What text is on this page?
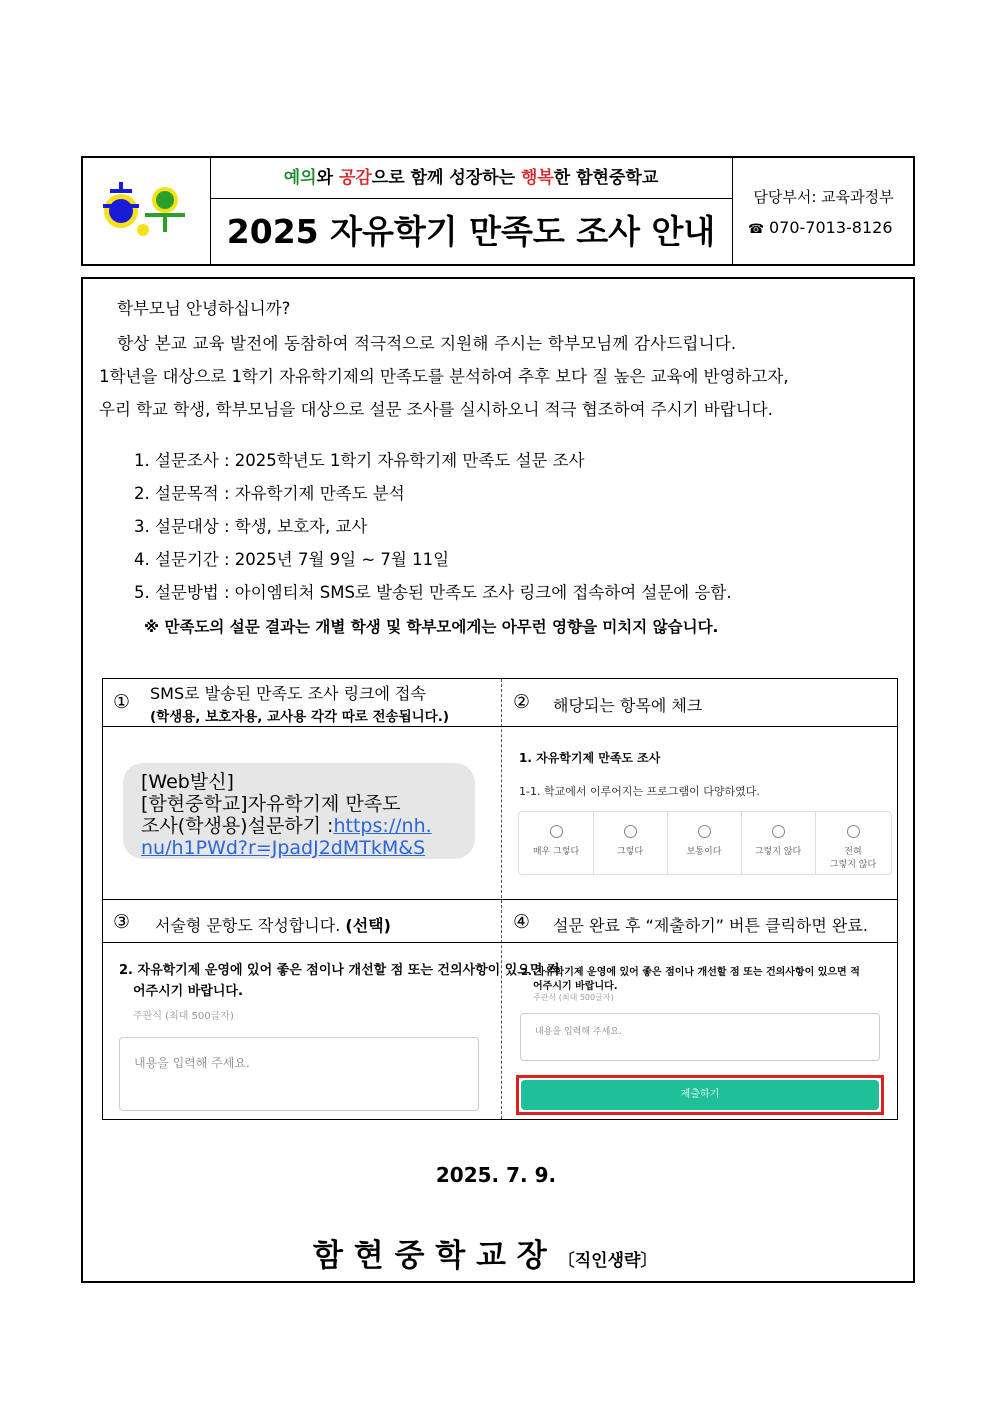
예의와 공감으로 함께 성장하는 행복한 함현중학교
2025 자유학기 만족도 조사 안내
담당부서: 교육과정부
☎ 070-7013-8126
학부모님 안녕하십니까?
항상 본교 교육 발전에 동참하여 적극적으로 지원해 주시는 학부모님께 감사드립니다.
1학년을 대상으로 1학기 자유학기제의 만족도를 분석하여 추후 보다 질 높은 교육에 반영하고자,
우리 학교 학생, 학부모님을 대상으로 설문 조사를 실시하오니 적극 협조하여 주시기 바랍니다.
1. 설문조사 : 2025학년도 1학기 자유학기제 만족도 설문 조사
2. 설문목적 : 자유학기제 만족도 분석
3. 설문대상 : 학생, 보호자, 교사
4. 설문기간 : 2025년 7월 9일 ~ 7월 11일
5. 설문방법 : 아이엠티처 SMS로 발송된 만족도 조사 링크에 접속하여 설문에 응함.
※ 만족도의 설문 결과는 개별 학생 및 학부모에게는 아무런 영향을 미치지 않습니다.
① SMS로 발송된 만족도 조사 링크에 접속
(학생용, 보호자용, 교사용 각각 따로 전송됩니다.)
② 해당되는 항목에 체크
[Web발신]
[함현중학교]자유학기제 만족도
조사(학생용)설문하기 :https://nh.
nu/h1PWd?r=JpadJ2dMTkM&S
1. 자유학기제 만족도 조사
1-1. 학교에서 이루어지는 프로그램이 다양하였다.
매우 그렇다	그렇다	보통이다	그렇지 않다	전혀
그렇지 않다
③ 서술형 문항도 작성합니다. (선택)	④ 설문 완료 후 “제출하기” 버튼 클릭하면 완료.
2. 자유학기제 운영에 있어 좋은 점이나 개선할 점 또는 건의사항이 있으면 적
어주시기 바랍니다.
주관식 (최대 500글자)
내용을 입력해 주세요.
2. 자유학기제 운영에 있어 좋은 점이나 개선할 점 또는 건의사항이 있으면 적
어주시기 바랍니다.
주관식 (최대 500글자)
내용을 입력해 주세요.
제출하기
2025. 7. 9.
함 현 중 학 교 장 〔직인생략〕
